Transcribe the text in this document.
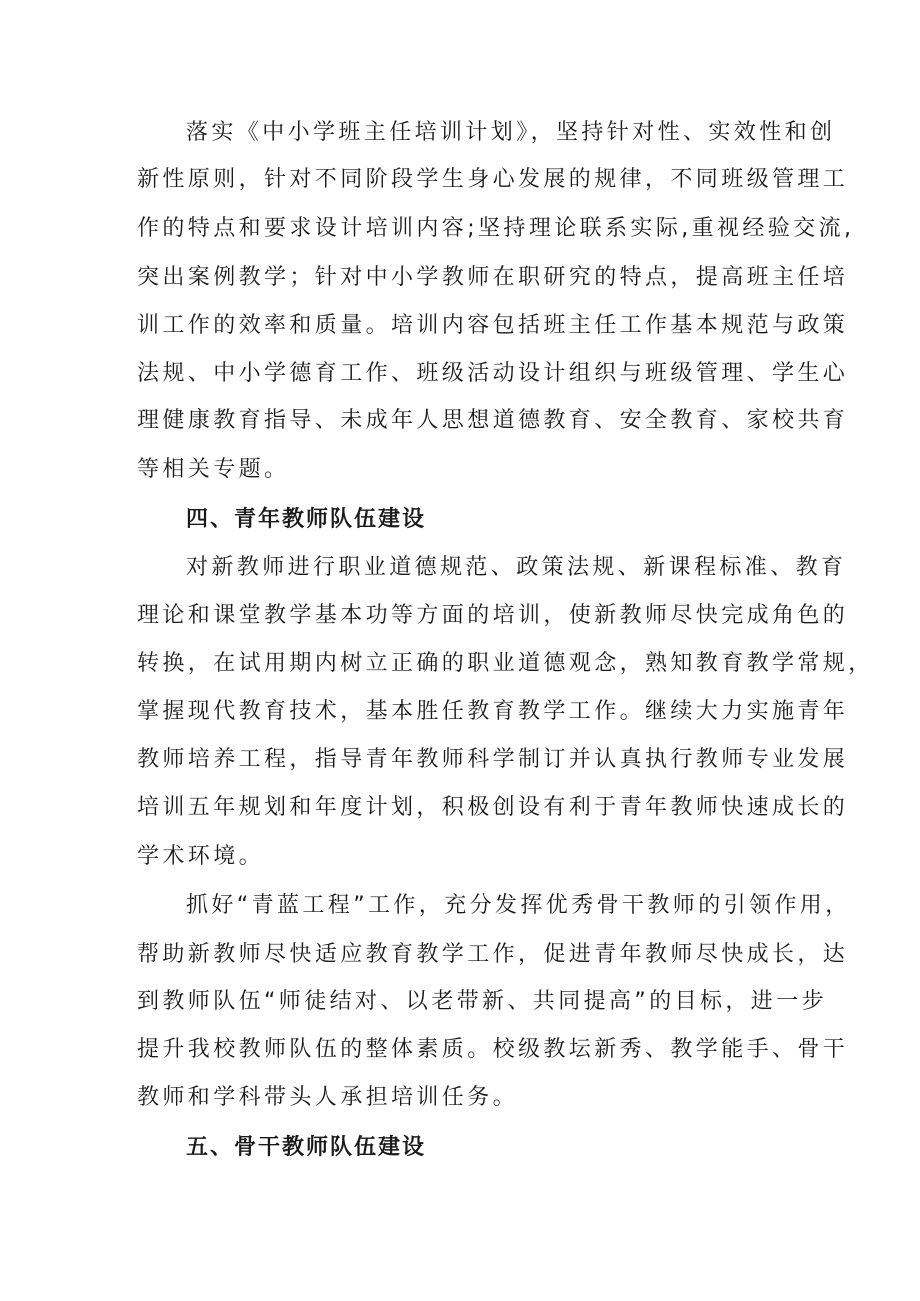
落实《中小学班主任培训计划》，坚持针对性、实效性和创
新性原则，针对不同阶段学生身心发展的规律，不同班级管理工
作的特点和要求设计培训内容;坚持理论联系实际,重视经验交流,
突出案例教学；针对中小学教师在职研究的特点，提高班主任培
训工作的效率和质量。培训内容包括班主任工作基本规范与政策
法规、中小学德育工作、班级活动设计组织与班级管理、学生心
理健康教育指导、未成年人思想道德教育、安全教育、家校共育
等相关专题。
四、青年教师队伍建设
对新教师进行职业道德规范、政策法规、新课程标准、教育
理论和课堂教学基本功等方面的培训，使新教师尽快完成角色的
转换，在试用期内树立正确的职业道德观念，熟知教育教学常规，
掌握现代教育技术，基本胜任教育教学工作。继续大力实施青年
教师培养工程，指导青年教师科学制订并认真执行教师专业发展
培训五年规划和年度计划，积极创设有利于青年教师快速成长的
学术环境。
抓好“青蓝工程”工作，充分发挥优秀骨干教师的引领作用，
帮助新教师尽快适应教育教学工作，促进青年教师尽快成长，达
到教师队伍“师徒结对、以老带新、共同提高”的目标，进一步
提升我校教师队伍的整体素质。校级教坛新秀、教学能手、骨干
教师和学科带头人承担培训任务。
五、骨干教师队伍建设
